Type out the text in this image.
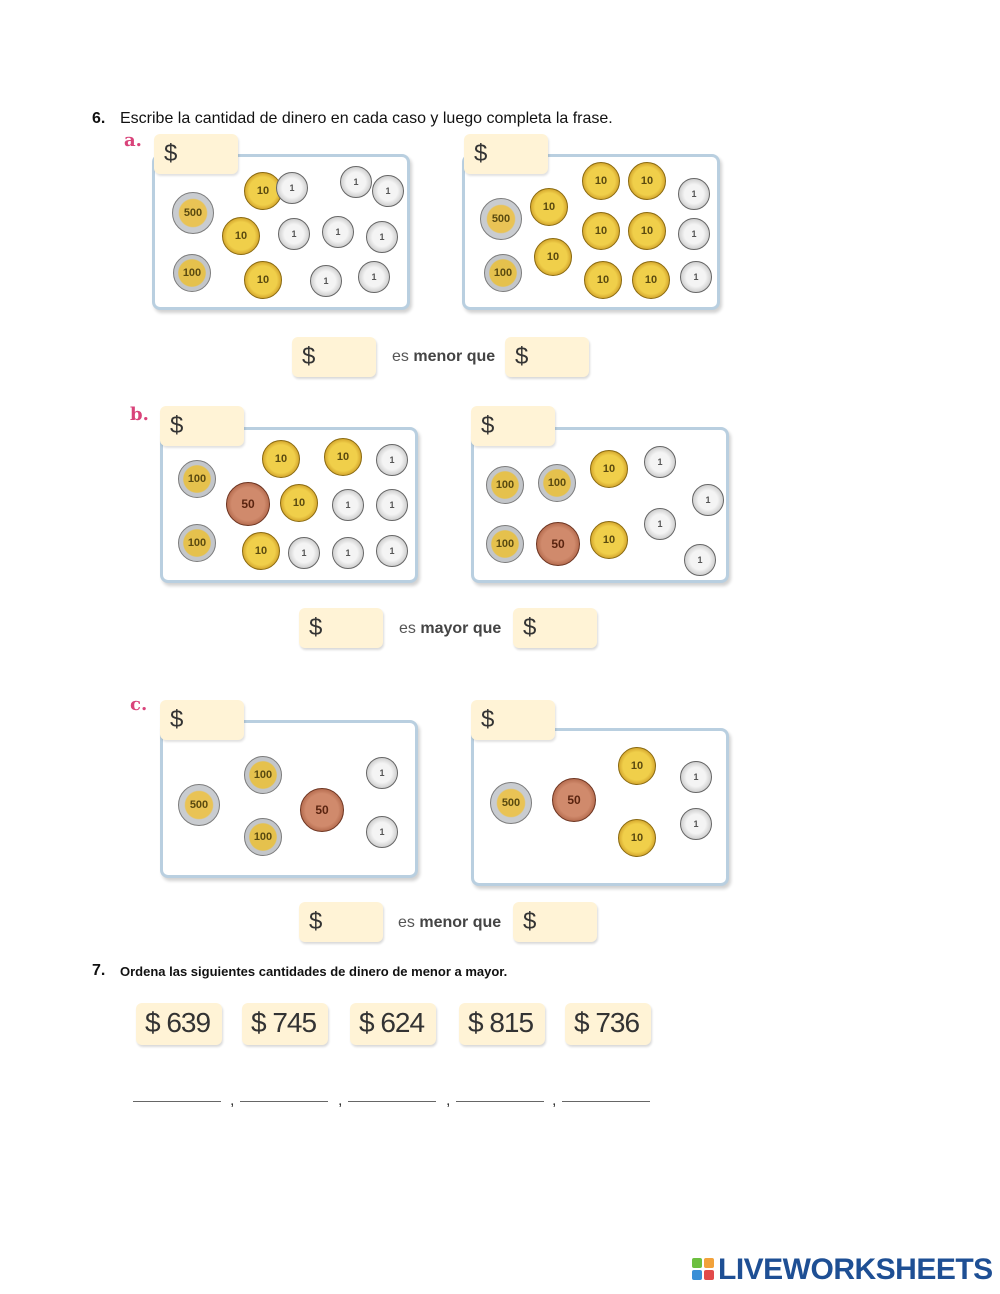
6. Escribe la cantidad de dinero en cada caso y luego completa la frase.
a. $	$
500
10	1
1
1
10	1	1	1
100
10	1	1
500
10
10	10
1
10	10	1
100
10
10	10	1
$	es menor que $
b. $	$
100
10	10	1
50	10	1	1
100
10	1	1	1
100	100
10
1
1
1
100	50	10
1
$	es mayor que $
c.
$	$
500
100
100
50
1
1
500	50
10
10
1
1
$	es menor que $
7. Ordena las siguientes cantidades de dinero de menor a mayor.
$ 639 $ 745 $ 624 $ 815 $ 736
,	,	,	,
LIVEWORKSHEETS
